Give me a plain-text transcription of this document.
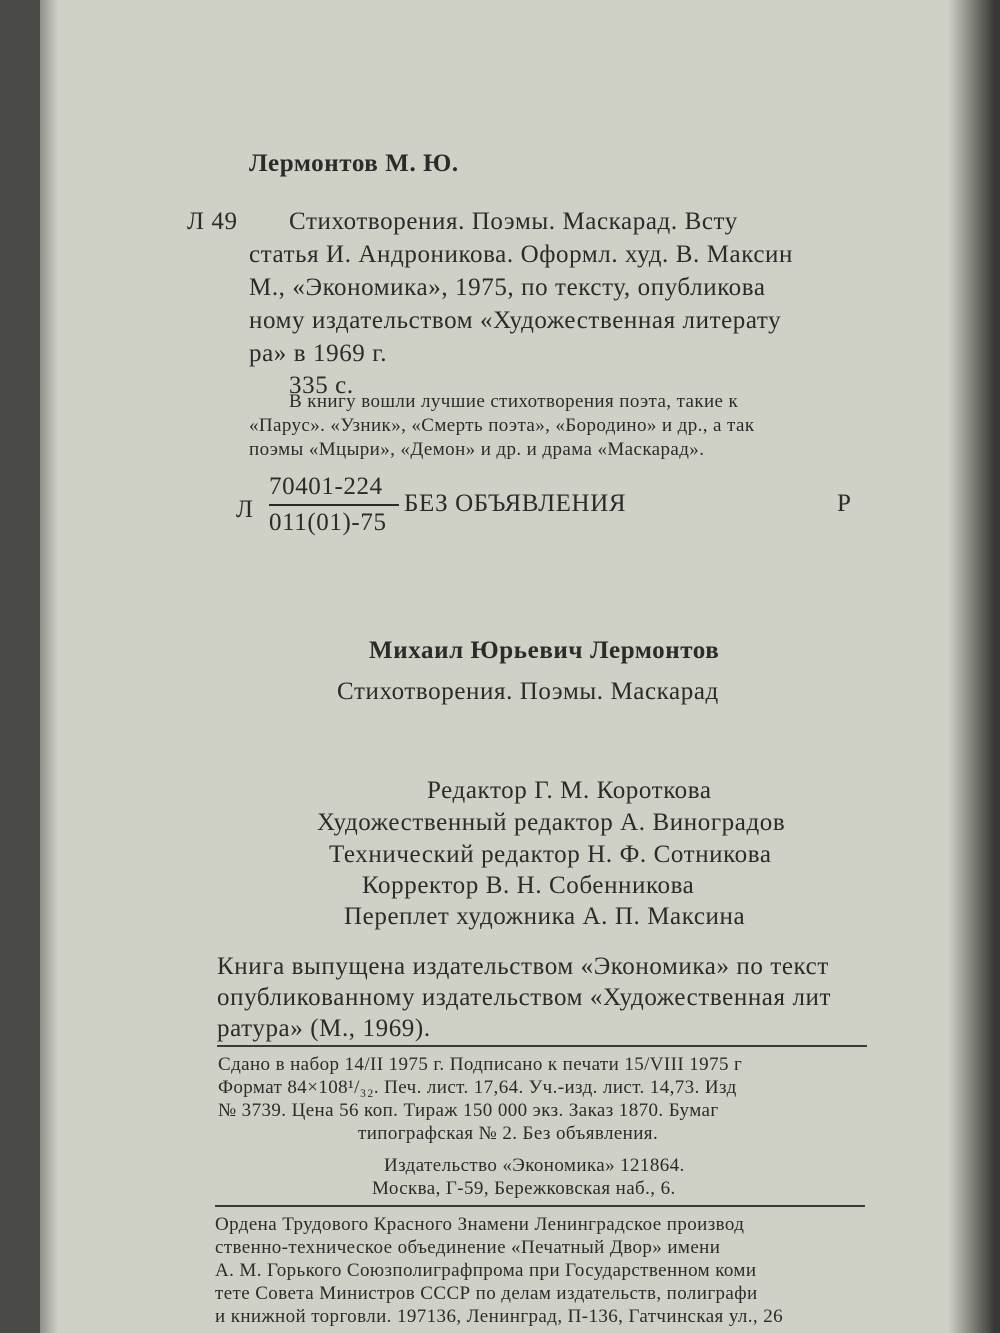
Лермонтов М. Ю.
Л 49 Стихотворения. Поэмы. Маскарад. Всту
статья И. Андроникова. Оформл. худ. В. Максин
М., «Экономика», 1975, по тексту, опубликова
ному издательством «Художественная литерату
ра» в 1969 г.
335 с.
В книгу вошли лучшие стихотворения поэта, такие к
«Парус». «Узник», «Смерть поэта», «Бородино» и др., а так
поэмы «Мцыри», «Демон» и др. и драма «Маскарад».
Л
70401-224
011(01)-75
БЕЗ ОБЪЯВЛЕНИЯ	Р
Михаил Юрьевич Лермонтов
Стихотворения. Поэмы. Маскарад
Редактор Г. М. Короткова
Художественный редактор А. Виноградов
Технический редактор Н. Ф. Сотникова
Корректор В. Н. Собенникова
Переплет художника А. П. Максина
Книга выпущена издательством «Экономика» по текст
опубликованному издательством «Художественная лит
ратура» (М., 1969).
Сдано в набор 14/II 1975 г. Подписано к печати 15/VIII 1975 г
Формат 84×108¹/₃₂. Печ. лист. 17,64. Уч.-изд. лист. 14,73. Изд
№ 3739. Цена 56 коп. Тираж 150 000 экз. Заказ 1870. Бумаг
типографская № 2. Без объявления.
Издательство «Экономика» 121864.
Москва, Г-59, Бережковская наб., 6.
Ордена Трудового Красного Знамени Ленинградское производ
ственно-техническое объединение «Печатный Двор» имени
А. М. Горького Союзполиграфпрома при Государственном коми
тете Совета Министров СССР по делам издательств, полиграфи
и книжной торговли. 197136, Ленинград, П-136, Гатчинская ул., 26
